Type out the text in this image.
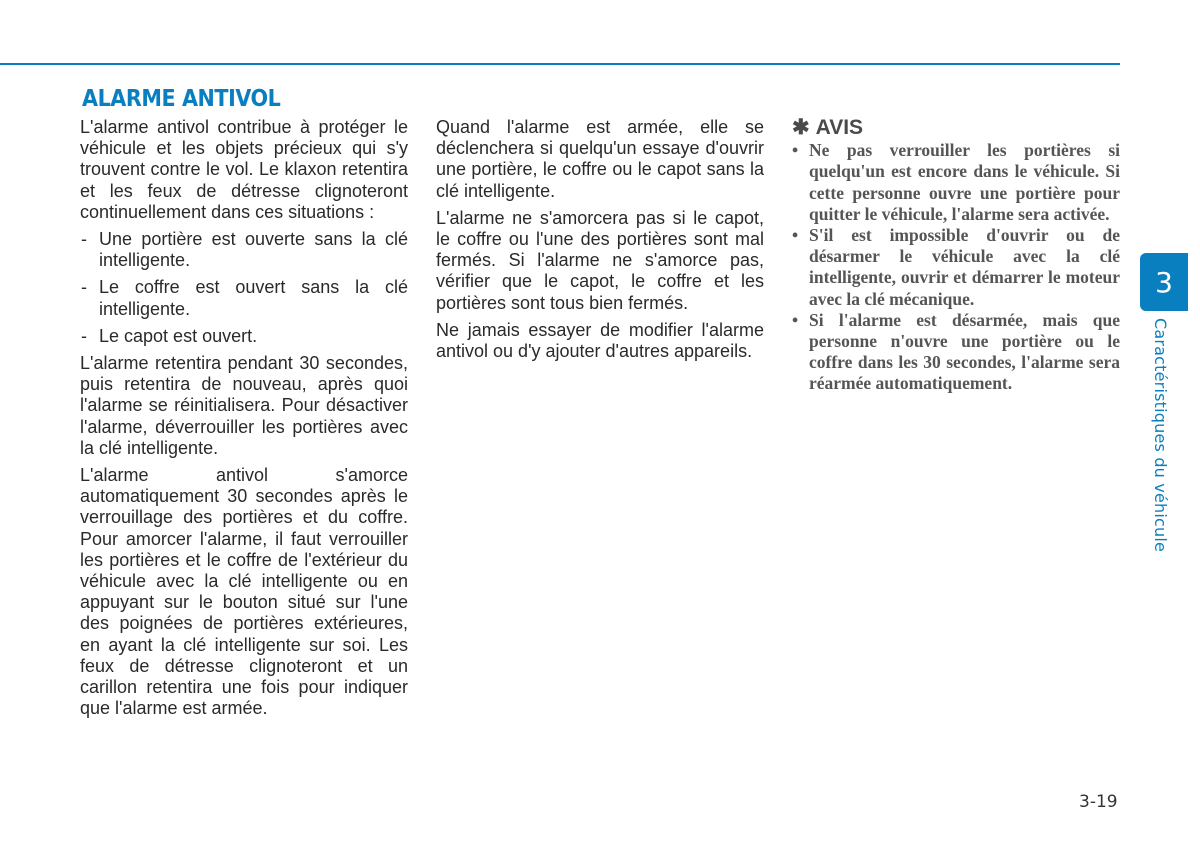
ALARME ANTIVOL

L'alarme antivol contribue à protéger le véhicule et les objets précieux qui s'y trouvent contre le vol. Le klaxon retentira et les feux de détresse clignoteront continuellement dans ces situations :

- Une portière est ouverte sans la clé intelligente.
- Le coffre est ouvert sans la clé intelligente.
- Le capot est ouvert.

L'alarme retentira pendant 30 secondes, puis retentira de nouveau, après quoi l'alarme se réinitialisera. Pour désactiver l'alarme, déverrouiller les portières avec la clé intelligente.

L'alarme antivol s'amorce automatiquement 30 secondes après le verrouillage des portières et du coffre. Pour amorcer l'alarme, il faut verrouiller les portières et le coffre de l'extérieur du véhicule avec la clé intelligente ou en appuyant sur le bouton situé sur l'une des poignées de portières extérieures, en ayant la clé intelligente sur soi. Les feux de détresse clignoteront et un carillon retentira une fois pour indiquer que l'alarme est armée.

Quand l'alarme est armée, elle se déclenchera si quelqu'un essaye d'ouvrir une portière, le coffre ou le capot sans la clé intelligente.

L'alarme ne s'amorcera pas si le capot, le coffre ou l'une des portières sont mal fermés. Si l'alarme ne s'amorce pas, vérifier que le capot, le coffre et les portières sont tous bien fermés.

Ne jamais essayer de modifier l'alarme antivol ou d'y ajouter d'autres appareils.

✱ AVIS
• Ne pas verrouiller les portières si quelqu'un est encore dans le véhicule. Si cette personne ouvre une portière pour quitter le véhicule, l'alarme sera activée.
• S'il est impossible d'ouvrir ou de désarmer le véhicule avec la clé intelligente, ouvrir et démarrer le moteur avec la clé mécanique.
• Si l'alarme est désarmée, mais que personne n'ouvre une portière ou le coffre dans les 30 secondes, l'alarme sera réarmée automatiquement.
3
Caractéristiques du véhicule
3-19
